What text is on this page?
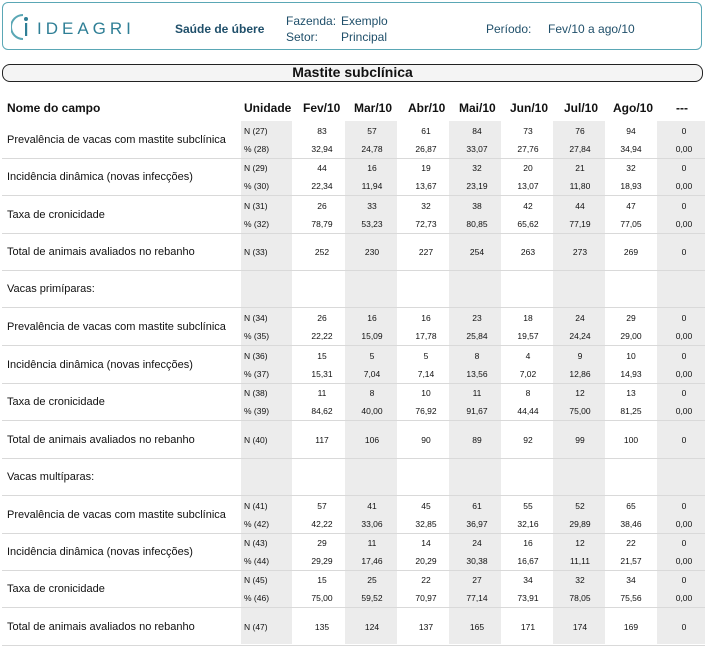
IDEAGRI	Saúde de úbere
Fazenda: Exemplo
Setor: Principal
Período: Fev/10 a ago/10
Mastite subclínica
Nome do campo	Unidade Fev/10 Mar/10 Abr/10 Mai/10 Jun/10 Jul/10 Ago/10 ---
Prevalência de vacas com mastite subclínica
N (27)	83	57	61	84	73	76	94	0
% (28)	32,94	24,78	26,87	33,07	27,76	27,84	34,94	0,00
Incidência dinâmica (novas infecções)
N (29)	44	16	19	32	20	21	32	0
% (30)	22,34	11,94	13,67	23,19	13,07	11,80	18,93	0,00
Taxa de cronicidade
N (31)	26	33	32	38	42	44	47	0
% (32)	78,79	53,23	72,73	80,85	65,62	77,19	77,05	0,00
Total de animais avaliados no rebanho	N (33)	252	230	227	254	263	273	269	0
Vacas primíparas:
Prevalência de vacas com mastite subclínica
N (34)	26	16	16	23	18	24	29	0
% (35)	22,22	15,09	17,78	25,84	19,57	24,24	29,00	0,00
Incidência dinâmica (novas infecções)
N (36)	15	5	5	8	4	9	10	0
% (37)	15,31	7,04	7,14	13,56	7,02	12,86	14,93	0,00
Taxa de cronicidade
N (38)	11	8	10	11	8	12	13	0
% (39)	84,62	40,00	76,92	91,67	44,44	75,00	81,25	0,00
Total de animais avaliados no rebanho	N (40)	117	106	90	89	92	99	100	0
Vacas multíparas:
Prevalência de vacas com mastite subclínica
N (41)	57	41	45	61	55	52	65	0
% (42)	42,22	33,06	32,85	36,97	32,16	29,89	38,46	0,00
Incidência dinâmica (novas infecções)
N (43)	29	11	14	24	16	12	22	0
% (44)	29,29	17,46	20,29	30,38	16,67	11,11	21,57	0,00
Taxa de cronicidade
N (45)	15	25	22	27	34	32	34	0
% (46)	75,00	59,52	70,97	77,14	73,91	78,05	75,56	0,00
Total de animais avaliados no rebanho	N (47)	135	124	137	165	171	174	169	0
